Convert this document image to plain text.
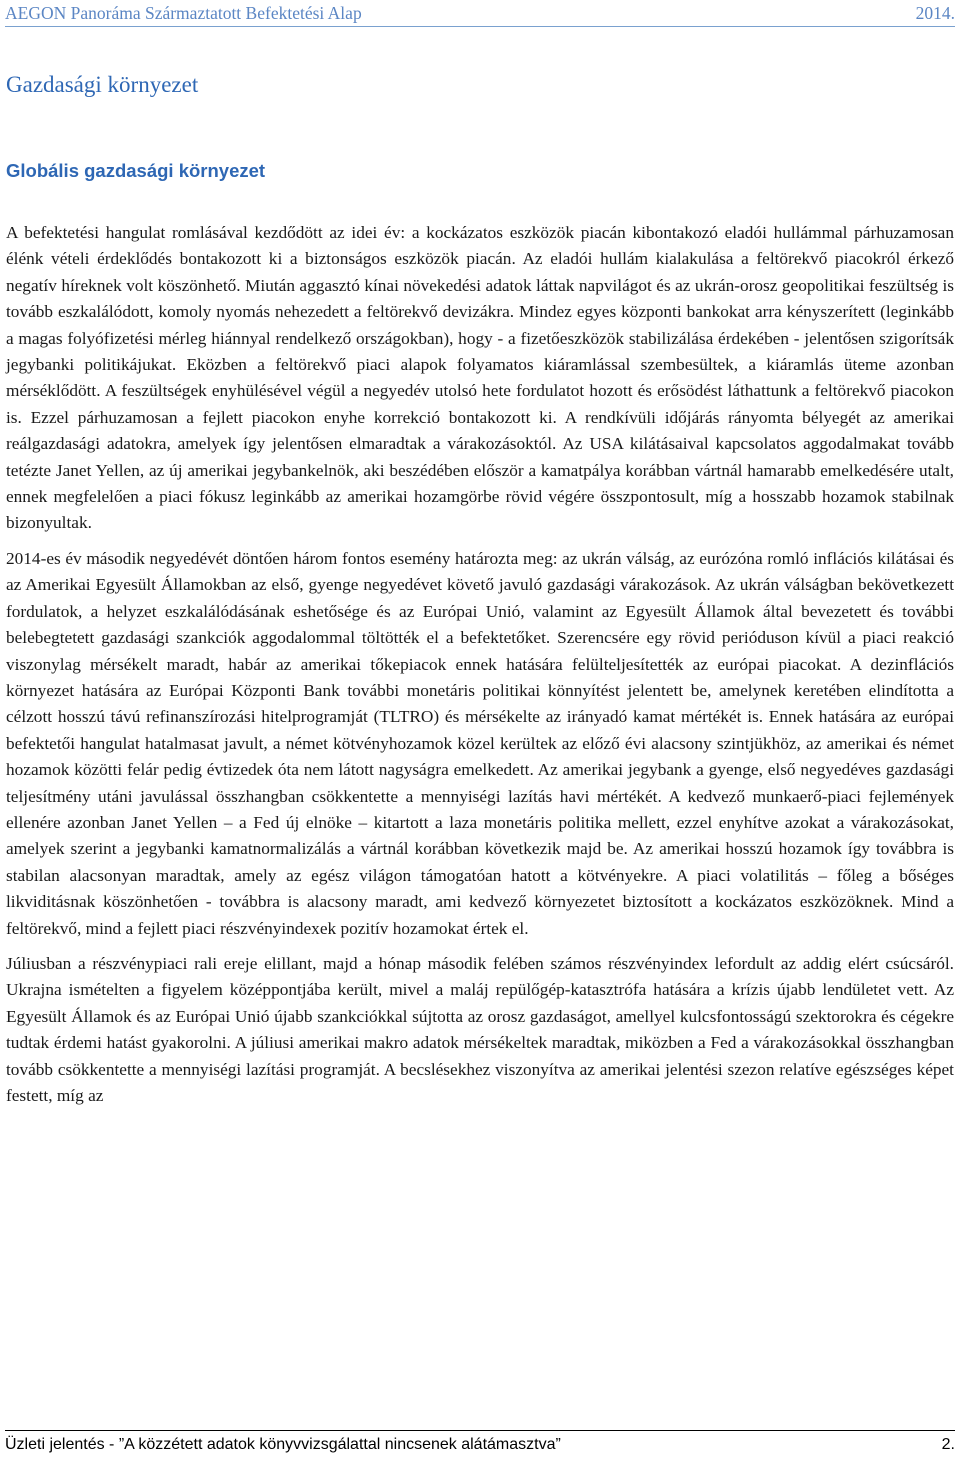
AEGON Panoráma Származtatott Befektetési Alap	2014.
Gazdasági környezet
Globális gazdasági környezet

A befektetési hangulat romlásával kezdődött az idei év: a kockázatos eszközök piacán kibontakozó eladói hullámmal párhuzamosan élénk vételi érdeklődés bontakozott ki a biztonságos eszközök piacán. Az eladói hullám kialakulása a feltörekvő piacokról érkező negatív híreknek volt köszönhető. Miután aggasztó kínai növekedési adatok láttak napvilágot és az ukrán-orosz geopolitikai feszültség is tovább eszkalálódott, komoly nyomás nehezedett a feltörekvő devizákra. Mindez egyes központi bankokat arra kényszerített (leginkább a magas folyófizetési mérleg hiánnyal rendelkező országokban), hogy - a fizetőeszközök stabilizálása érdekében - jelentősen szigorítsák jegybanki politikájukat. Eközben a feltörekvő piaci alapok folyamatos kiáramlással szembesültek, a kiáramlás üteme azonban mérséklődött. A feszültségek enyhülésével végül a negyedév utolsó hete fordulatot hozott és erősödést láthattunk a feltörekvő piacokon is. Ezzel párhuzamosan a fejlett piacokon enyhe korrekció bontakozott ki. A rendkívüli időjárás rányomta bélyegét az amerikai reálgazdasági adatokra, amelyek így jelentősen elmaradtak a várakozásoktól. Az USA kilátásaival kapcsolatos aggodalmakat tovább tetézte Janet Yellen, az új amerikai jegybankelnök, aki beszédében először a kamatpálya korábban vártnál hamarabb emelkedésére utalt, ennek megfelelően a piaci fókusz leginkább az amerikai hozamgörbe rövid végére összpontosult, míg a hosszabb hozamok stabilnak bizonyultak.

2014-es év második negyedévét döntően három fontos esemény határozta meg: az ukrán válság, az eurózóna romló inflációs kilátásai és az Amerikai Egyesült Államokban az első, gyenge negyedévet követő javuló gazdasági várakozások. Az ukrán válságban bekövetkezett fordulatok, a helyzet eszkalálódásának eshetősége és az Európai Unió, valamint az Egyesült Államok által bevezetett és további belebegtetett gazdasági szankciók aggodalommal töltötték el a befektetőket. Szerencsére egy rövid perióduson kívül a piaci reakció viszonylag mérsékelt maradt, habár az amerikai tőkepiacok ennek hatására felülteljesítették az európai piacokat. A dezinflációs környezet hatására az Európai Központi Bank további monetáris politikai könnyítést jelentett be, amelynek keretében elindította a célzott hosszú távú refinanszírozási hitelprogramját (TLTRO) és mérsékelte az irányadó kamat mértékét is. Ennek hatására az európai befektetői hangulat hatalmasat javult, a német kötvényhozamok közel kerültek az előző évi alacsony szintjükhöz, az amerikai és német hozamok közötti felár pedig évtizedek óta nem látott nagyságra emelkedett. Az amerikai jegybank a gyenge, első negyedéves gazdasági teljesítmény utáni javulással összhangban csökkentette a mennyiségi lazítás havi mértékét. A kedvező munkaerő-piaci fejlemények ellenére azonban Janet Yellen – a Fed új elnöke – kitartott a laza monetáris politika mellett, ezzel enyhítve azokat a várakozásokat, amelyek szerint a jegybanki kamatnormalizálás a vártnál korábban következik majd be. Az amerikai hosszú hozamok így továbbra is stabilan alacsonyan maradtak, amely az egész világon támogatóan hatott a kötvényekre. A piaci volatilitás – főleg a bőséges likviditásnak köszönhetően - továbbra is alacsony maradt, ami kedvező környezetet biztosított a kockázatos eszközöknek. Mind a feltörekvő, mind a fejlett piaci részvényindexek pozitív hozamokat értek el.

Júliusban a részvénypiaci rali ereje elillant, majd a hónap második felében számos részvényindex lefordult az addig elért csúcsáról. Ukrajna ismételten a figyelem középpontjába került, mivel a maláj repülőgép-katasztrófa hatására a krízis újabb lendületet vett. Az Egyesült Államok és az Európai Unió újabb szankciókkal sújtotta az orosz gazdaságot, amellyel kulcsfontosságú szektorokra és cégekre tudtak érdemi hatást gyakorolni. A júliusi amerikai makro adatok mérsékeltek maradtak, miközben a Fed a várakozásokkal összhangban tovább csökkentette a mennyiségi lazítási programját. A becslésekhez viszonyítva az amerikai jelentési szezon relatíve egészséges képet festett, míg az

Üzleti jelentés - ”A közzétett adatok könyvvizsgálattal nincsenek alátámasztva”	2.
